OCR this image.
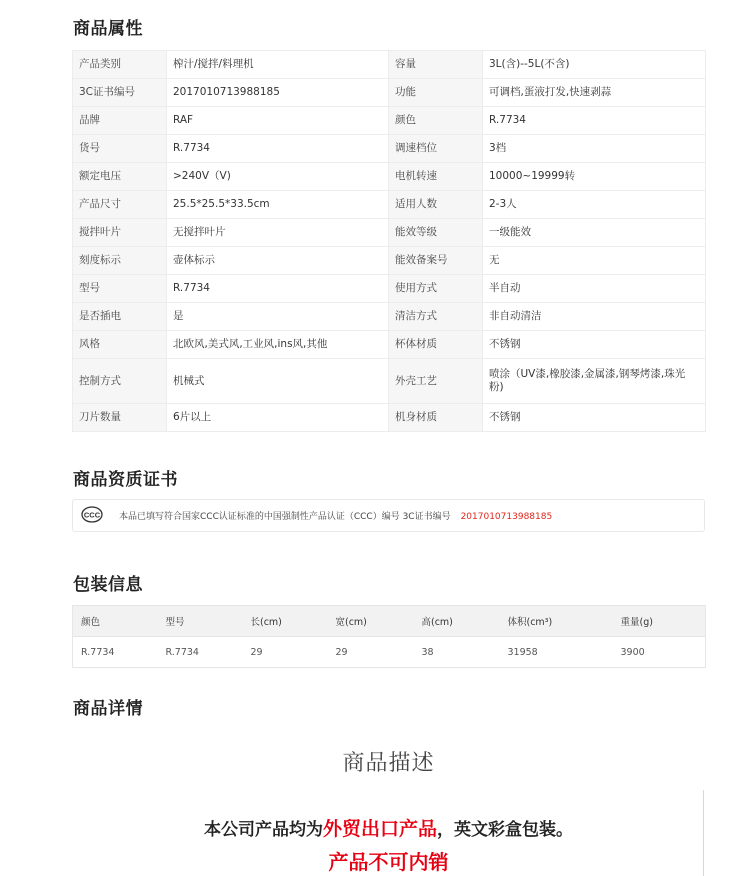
商品属性
产品类别	榨汁/搅拌/料理机	容量	3L(含)--5L(不含)
3C证书编号	2017010713988185	功能	可调档,蛋液打发,快速剥蒜
品牌	RAF	颜色	R.7734
货号	R.7734	调速档位	3档
额定电压	>240V（V)	电机转速	10000~19999转
产品尺寸	25.5*25.5*33.5cm	适用人数	2-3人
搅拌叶片	无搅拌叶片	能效等级	一级能效
刻度标示	壶体标示	能效备案号	无
型号	R.7734	使用方式	半自动
是否插电	是	清洁方式	非自动清洁
风格	北欧风,美式风,工业风,ins风,其他	杯体材质	不锈钢
控制方式	机械式	外壳工艺	喷涂（UV漆,橡胶漆,金属漆,钢琴烤漆,珠光粉)
刀片数量	6片以上	机身材质	不锈钢
商品资质证书
CCC 本品已填写符合国家CCC认证标准的中国强制性产品认证（CCC）编号 3C证书编号 2017010713988185
包装信息
颜色	型号	长(cm)	宽(cm)	高(cm)	体积(cm³)	重量(g)
R.7734	R.7734	29	29	38	31958	3900
商品详情
商品描述
本公司产品均为外贸出口产品，英文彩盒包装。
产品不可内销
